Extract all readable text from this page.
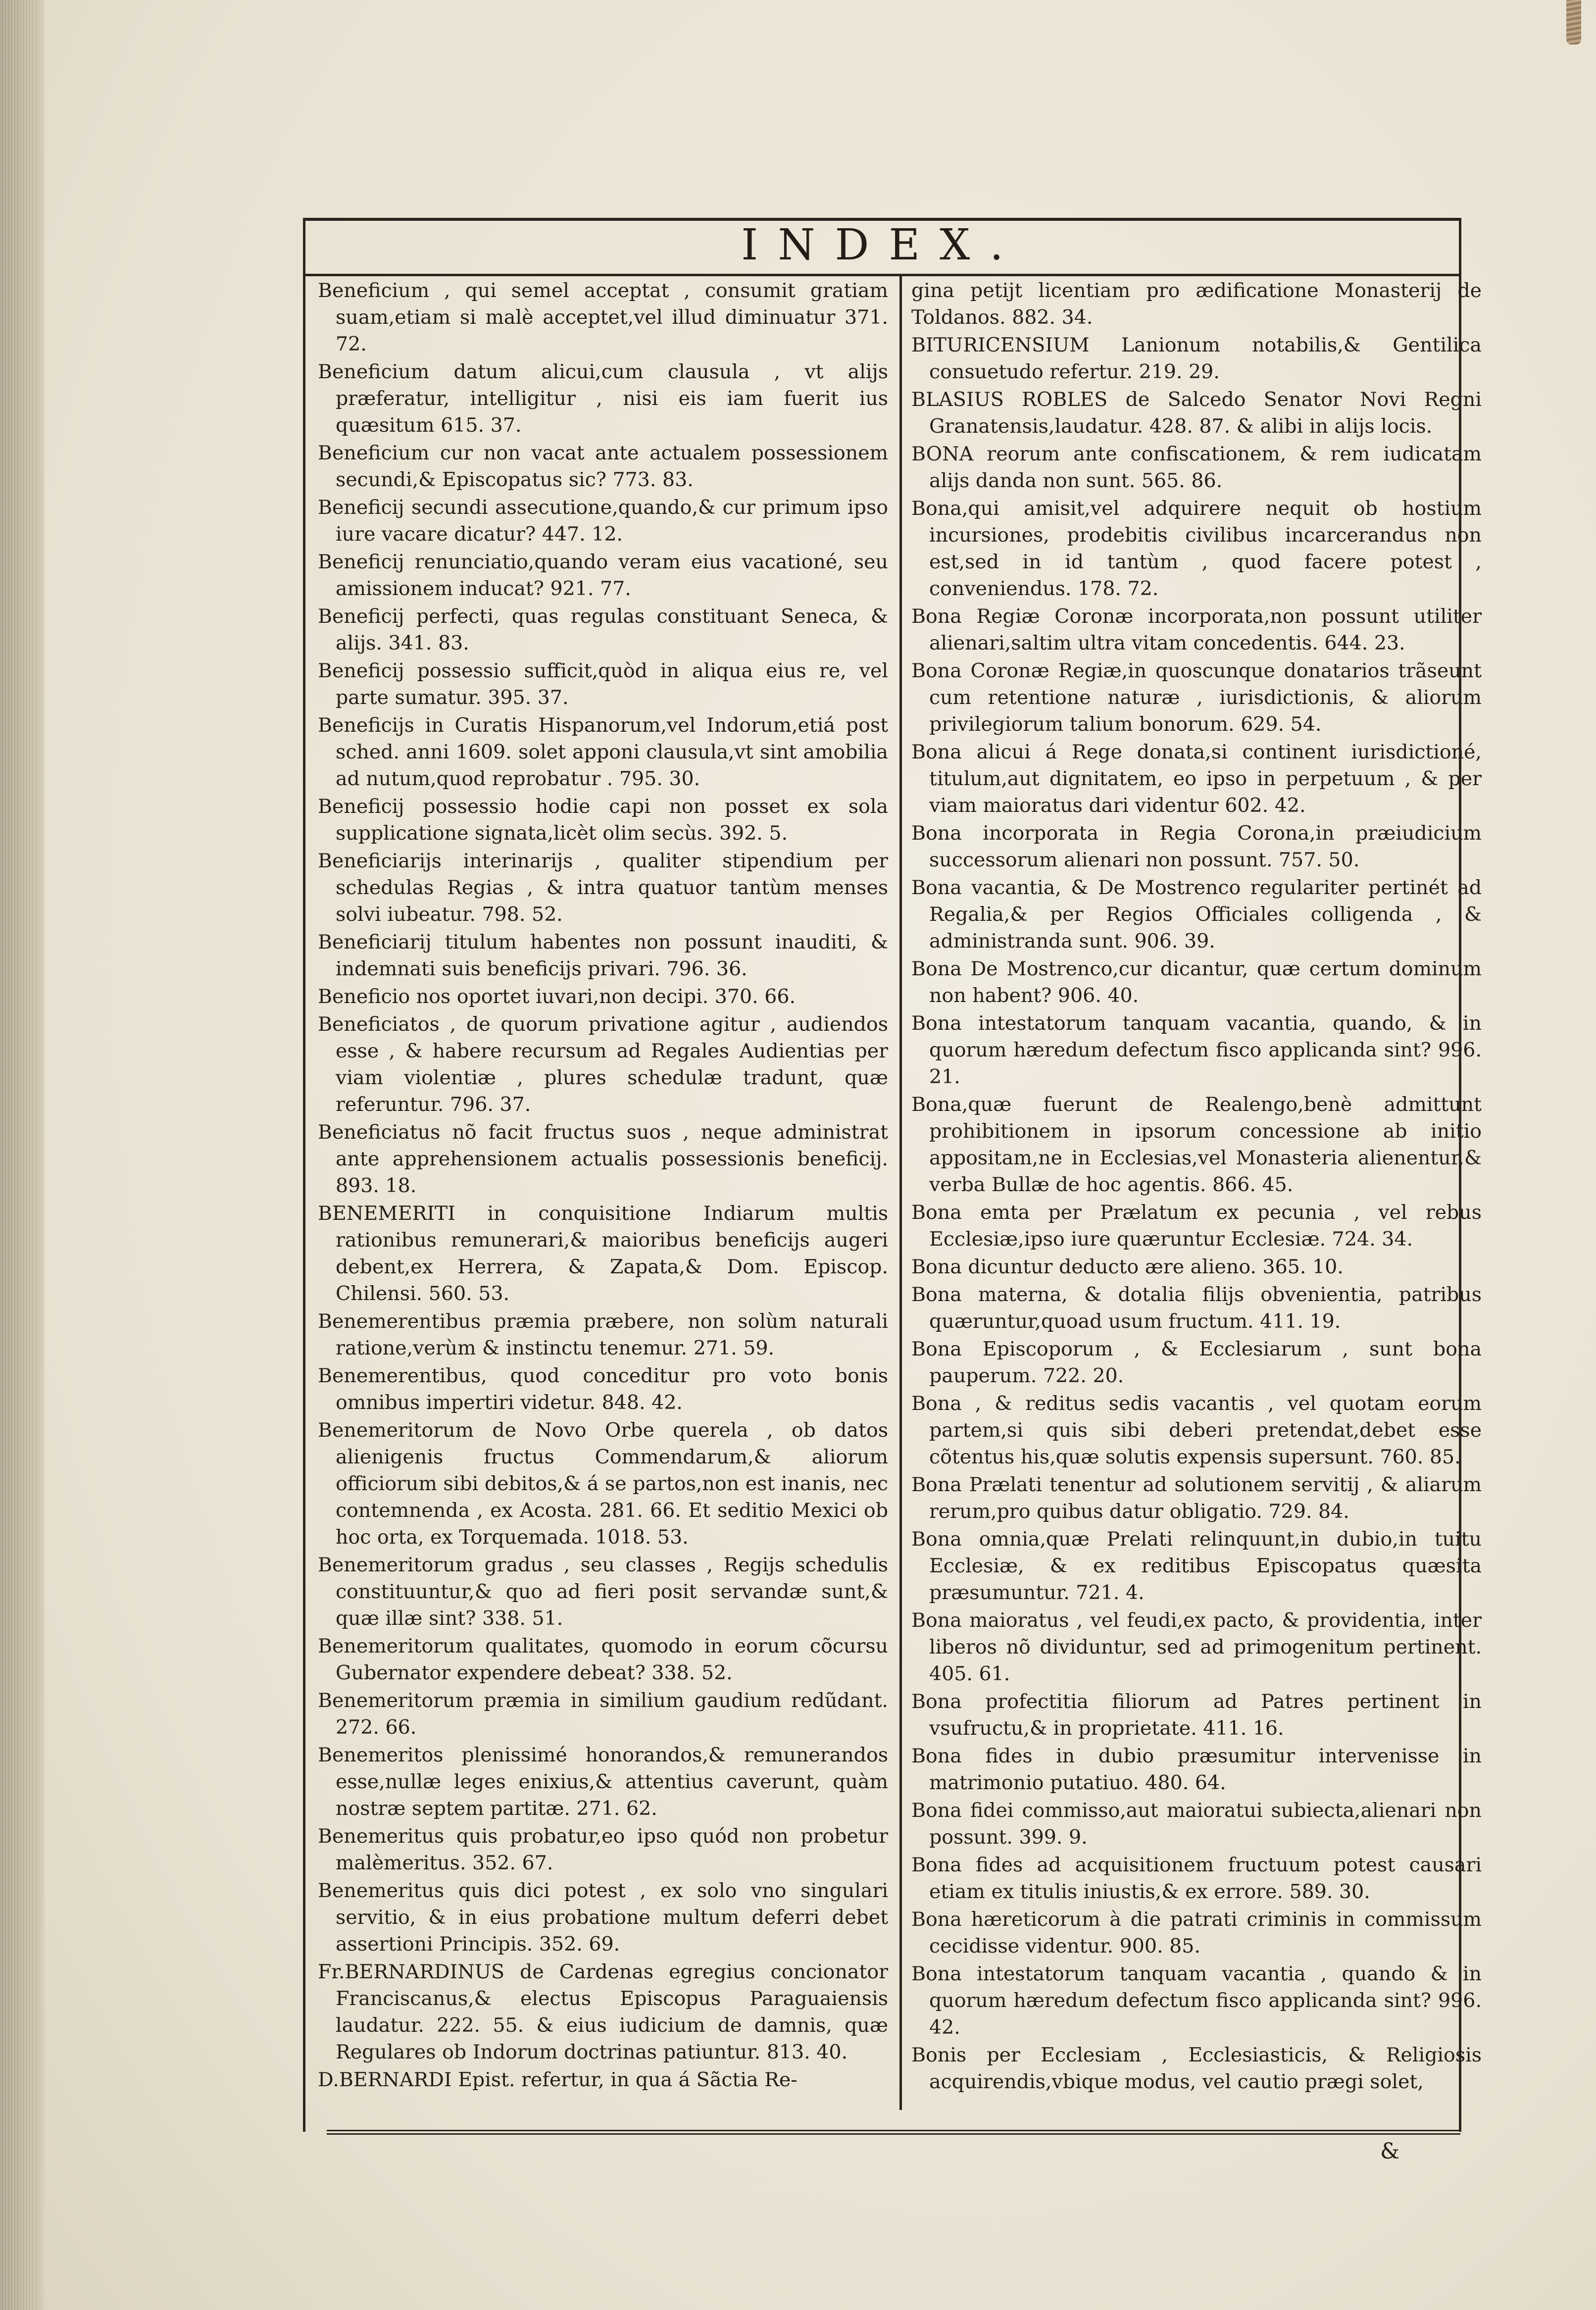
INDEX.
Beneficium , qui semel acceptat , consumit gratiam suam,etiam si malè acceptet,vel illud diminuatur 371. 72.
Beneficium datum alicui,cum clausula , vt alijs præferatur, intelligitur , nisi eis iam fuerit ius quæsitum 615. 37.
Beneficium cur non vacat ante actualem possessionem secundi,& Episcopatus sic? 773. 83.
Beneficij secundi assecutione,quando,& cur primum ipso iure vacare dicatur? 447. 12.
Beneficij renunciatio,quando veram eius vacationé, seu amissionem inducat? 921. 77.
Beneficij perfecti, quas regulas constituant Seneca, & alijs. 341. 83.
Beneficij possessio sufficit,quòd in aliqua eius re, vel parte sumatur. 395. 37.
Beneficijs in Curatis Hispanorum,vel Indorum,etiá post sched. anni 1609. solet apponi clausula,vt sint amobilia ad nutum,quod reprobatur . 795. 30.
Beneficij possessio hodie capi non posset ex sola supplicatione signata,licèt olim secùs. 392. 5.
Beneficiarijs interinarijs , qualiter stipendium per schedulas Regias , & intra quatuor tantùm menses solvi iubeatur. 798. 52.
Beneficiarij titulum habentes non possunt inauditi, & indemnati suis beneficijs privari. 796. 36.
Beneficio nos oportet iuvari,non decipi. 370. 66.
Beneficiatos , de quorum privatione agitur , audiendos esse , & habere recursum ad Regales Audientias per viam violentiæ , plures schedulæ tradunt, quæ referuntur. 796. 37.
Beneficiatus nõ facit fructus suos , neque administrat ante apprehensionem actualis possessionis beneficij. 893. 18.
BENEMERITI in conquisitione Indiarum multis rationibus remunerari,& maioribus beneficijs augeri debent,ex Herrera, & Zapata,& Dom. Episcop. Chilensi. 560. 53.
Benemerentibus præmia præbere, non solùm naturali ratione,verùm & instinctu tenemur. 271. 59.
Benemerentibus, quod conceditur pro voto bonis omnibus impertiri videtur. 848. 42.
Benemeritorum de Novo Orbe querela , ob datos alienigenis fructus Commendarum,& aliorum officiorum sibi debitos,& á se partos,non est inanis, nec contemnenda , ex Acosta. 281. 66. Et seditio Mexici ob hoc orta, ex Torquemada. 1018. 53.
Benemeritorum gradus , seu classes , Regijs schedulis constituuntur,& quo ad fieri posit servandæ sunt,& quæ illæ sint? 338. 51.
Benemeritorum qualitates, quomodo in eorum cõcursu Gubernator expendere debeat? 338. 52.
Benemeritorum præmia in similium gaudium redũdant. 272. 66.
Benemeritos plenissimé honorandos,& remunerandos esse,nullæ leges enixius,& attentius caverunt, quàm nostræ septem partitæ. 271. 62.
Benemeritus quis probatur,eo ipso quód non probetur malèmeritus. 352. 67.
Benemeritus quis dici potest , ex solo vno singulari servitio, & in eius probatione multum deferri debet assertioni Principis. 352. 69.
Fr.BERNARDINUS de Cardenas egregius concionator Franciscanus,& electus Episcopus Paraguaiensis laudatur. 222. 55. & eius iudicium de damnis, quæ Regulares ob Indorum doctrinas patiuntur. 813. 40.
D.BERNARDI Epist. refertur, in qua á Sãctia Re-
gina petijt licentiam pro ædificatione Monasterij de Toldanos. 882. 34.
BITURICENSIUM Lanionum notabilis,& Gentilica consuetudo refertur. 219. 29.
BLASIUS ROBLES de Salcedo Senator Novi Regni Granatensis,laudatur. 428. 87. & alibi in alijs locis.
BONA reorum ante confiscationem, & rem iudicatam alijs danda non sunt. 565. 86.
Bona,qui amisit,vel adquirere nequit ob hostium incursiones, prodebitis civilibus incarcerandus non est,sed in id tantùm , quod facere potest , conveniendus. 178. 72.
Bona Regiæ Coronæ incorporata,non possunt utiliter alienari,saltim ultra vitam concedentis. 644. 23.
Bona Coronæ Regiæ,in quoscunque donatarios trãseunt cum retentione naturæ , iurisdictionis, & aliorum privilegiorum talium bonorum. 629. 54.
Bona alicui á Rege donata,si continent iurisdictioné, titulum,aut dignitatem, eo ipso in perpetuum , & per viam maioratus dari videntur 602. 42.
Bona incorporata in Regia Corona,in præiudicium successorum alienari non possunt. 757. 50.
Bona vacantia, & De Mostrenco regulariter pertinét ad Regalia,& per Regios Officiales colligenda , & administranda sunt. 906. 39.
Bona De Mostrenco,cur dicantur, quæ certum dominum non habent? 906. 40.
Bona intestatorum tanquam vacantia, quando, & in quorum hæredum defectum fisco applicanda sint? 996. 21.
Bona,quæ fuerunt de Realengo,benè admittunt prohibitionem in ipsorum concessione ab initio appositam,ne in Ecclesias,vel Monasteria alienentur,& verba Bullæ de hoc agentis. 866. 45.
Bona emta per Prælatum ex pecunia , vel rebus Ecclesiæ,ipso iure quæruntur Ecclesiæ. 724. 34.
Bona dicuntur deducto ære alieno. 365. 10.
Bona materna, & dotalia filijs obvenientia, patribus quæruntur,quoad usum fructum. 411. 19.
Bona Episcoporum , & Ecclesiarum , sunt bona pauperum. 722. 20.
Bona , & reditus sedis vacantis , vel quotam eorum partem,si quis sibi deberi pretendat,debet esse cõtentus his,quæ solutis expensis supersunt. 760. 85.
Bona Prælati tenentur ad solutionem servitij , & aliarum rerum,pro quibus datur obligatio. 729. 84.
Bona omnia,quæ Prelati relinquunt,in dubio,in tuitu Ecclesiæ, & ex reditibus Episcopatus quæsita præsumuntur. 721. 4.
Bona maioratus , vel feudi,ex pacto, & providentia, inter liberos nõ dividuntur, sed ad primogenitum pertinent. 405. 61.
Bona profectitia filiorum ad Patres pertinent in vsufructu,& in proprietate. 411. 16.
Bona fides in dubio præsumitur intervenisse in matrimonio putatiuo. 480. 64.
Bona fidei commisso,aut maioratui subiecta,alienari non possunt. 399. 9.
Bona fides ad acquisitionem fructuum potest causari etiam ex titulis iniustis,& ex errore. 589. 30.
Bona hæreticorum à die patrati criminis in commissum cecidisse videntur. 900. 85.
Bona intestatorum tanquam vacantia , quando & in quorum hæredum defectum fisco applicanda sint? 996. 42.
Bonis per Ecclesiam , Ecclesiasticis, & Religiosis acquirendis,vbique modus, vel cautio prægi solet,
&
